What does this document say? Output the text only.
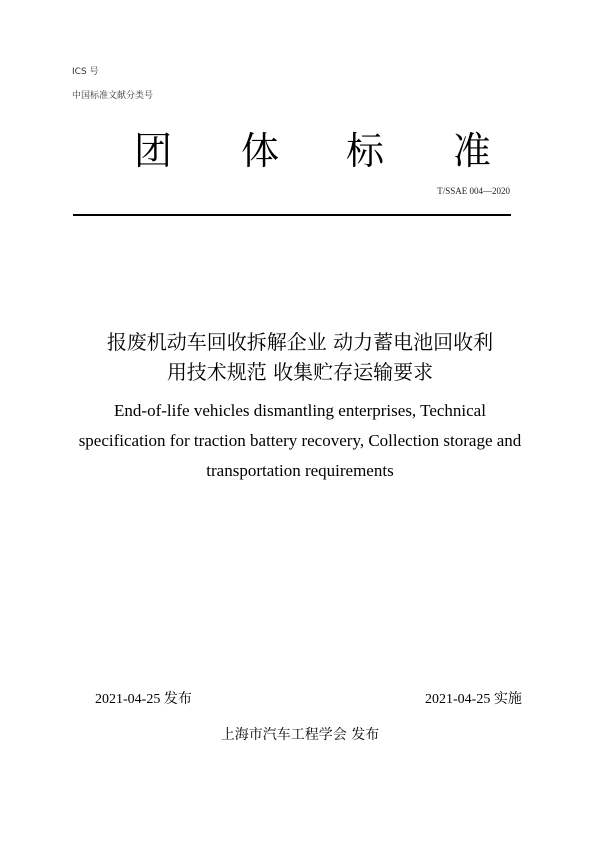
ICS 号
中国标准文献分类号
团 体 标 准
T/SSAE 004—2020
报废机动车回收拆解企业 动力蓄电池回收利
用技术规范 收集贮存运输要求
End-of-life vehicles dismantling enterprises, Technical
specification for traction battery recovery, Collection storage and
transportation requirements
2021-04-25 发布	2021-04-25 实施
上海市汽车工程学会 发布
